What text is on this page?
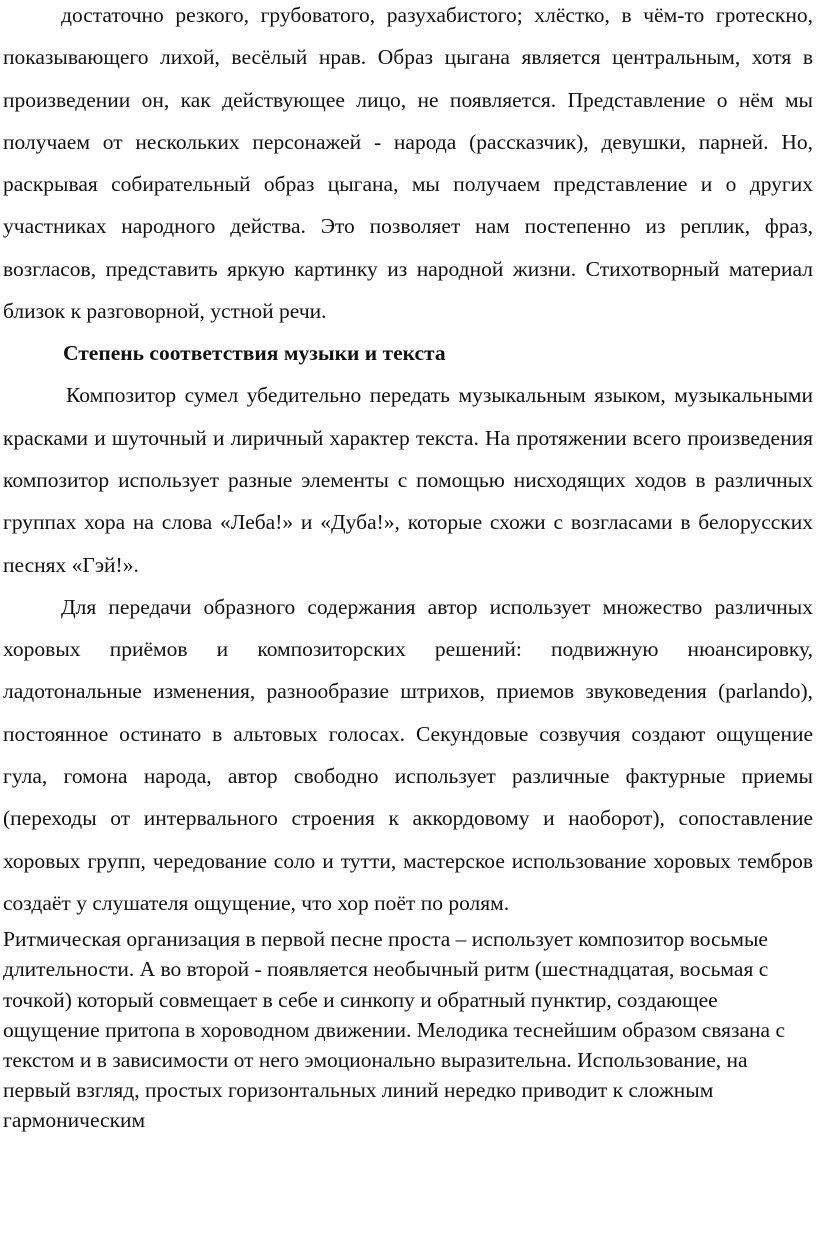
достаточно резкого, грубоватого, разухабистого; хлёстко, в чём-то гротескно, показывающего лихой, весёлый нрав. Образ цыгана является центральным, хотя в произведении он, как действующее лицо, не появляется. Представление о нём мы получаем от нескольких персонажей - народа (рассказчик), девушки, парней. Но, раскрывая собирательный образ цыгана, мы получаем представление и о других участниках народного действа. Это позволяет нам постепенно из реплик, фраз, возгласов, представить яркую картинку из народной жизни. Стихотворный материал близок к разговорной, устной речи.

Степень соответствия музыки и текста

Композитор сумел убедительно передать музыкальным языком, музыкальными красками и шуточный и лиричный характер текста. На протяжении всего произведения композитор использует разные элементы с помощью нисходящих ходов в различных группах хора на слова «Леба!» и «Дуба!», которые схожи с возгласами в белорусских песнях «Гэй!».

Для передачи образного содержания автор использует множество различных хоровых приёмов и композиторских решений: подвижную нюансировку, ладотональные изменения, разнообразие штрихов, приемов звуковедения (parlando), постоянное остинато в альтовых голосах. Секундовые созвучия создают ощущение гула, гомона народа, автор свободно использует различные фактурные приемы (переходы от интервального строения к аккордовому и наоборот), сопоставление хоровых групп, чередование соло и тутти, мастерское использование хоровых тембров создаёт у слушателя ощущение, что хор поёт по ролям.

Ритмическая организация в первой песне проста – использует композитор восьмые длительности. А во второй - появляется необычный ритм (шестнадцатая, восьмая с точкой) который совмещает в себе и синкопу и обратный пунктир, создающее ощущение притопа в хороводном движении. Мелодика теснейшим образом связана с текстом и в зависимости от него эмоционально выразительна. Использование, на первый взгляд, простых горизонтальных линий нередко приводит к сложным гармоническим
